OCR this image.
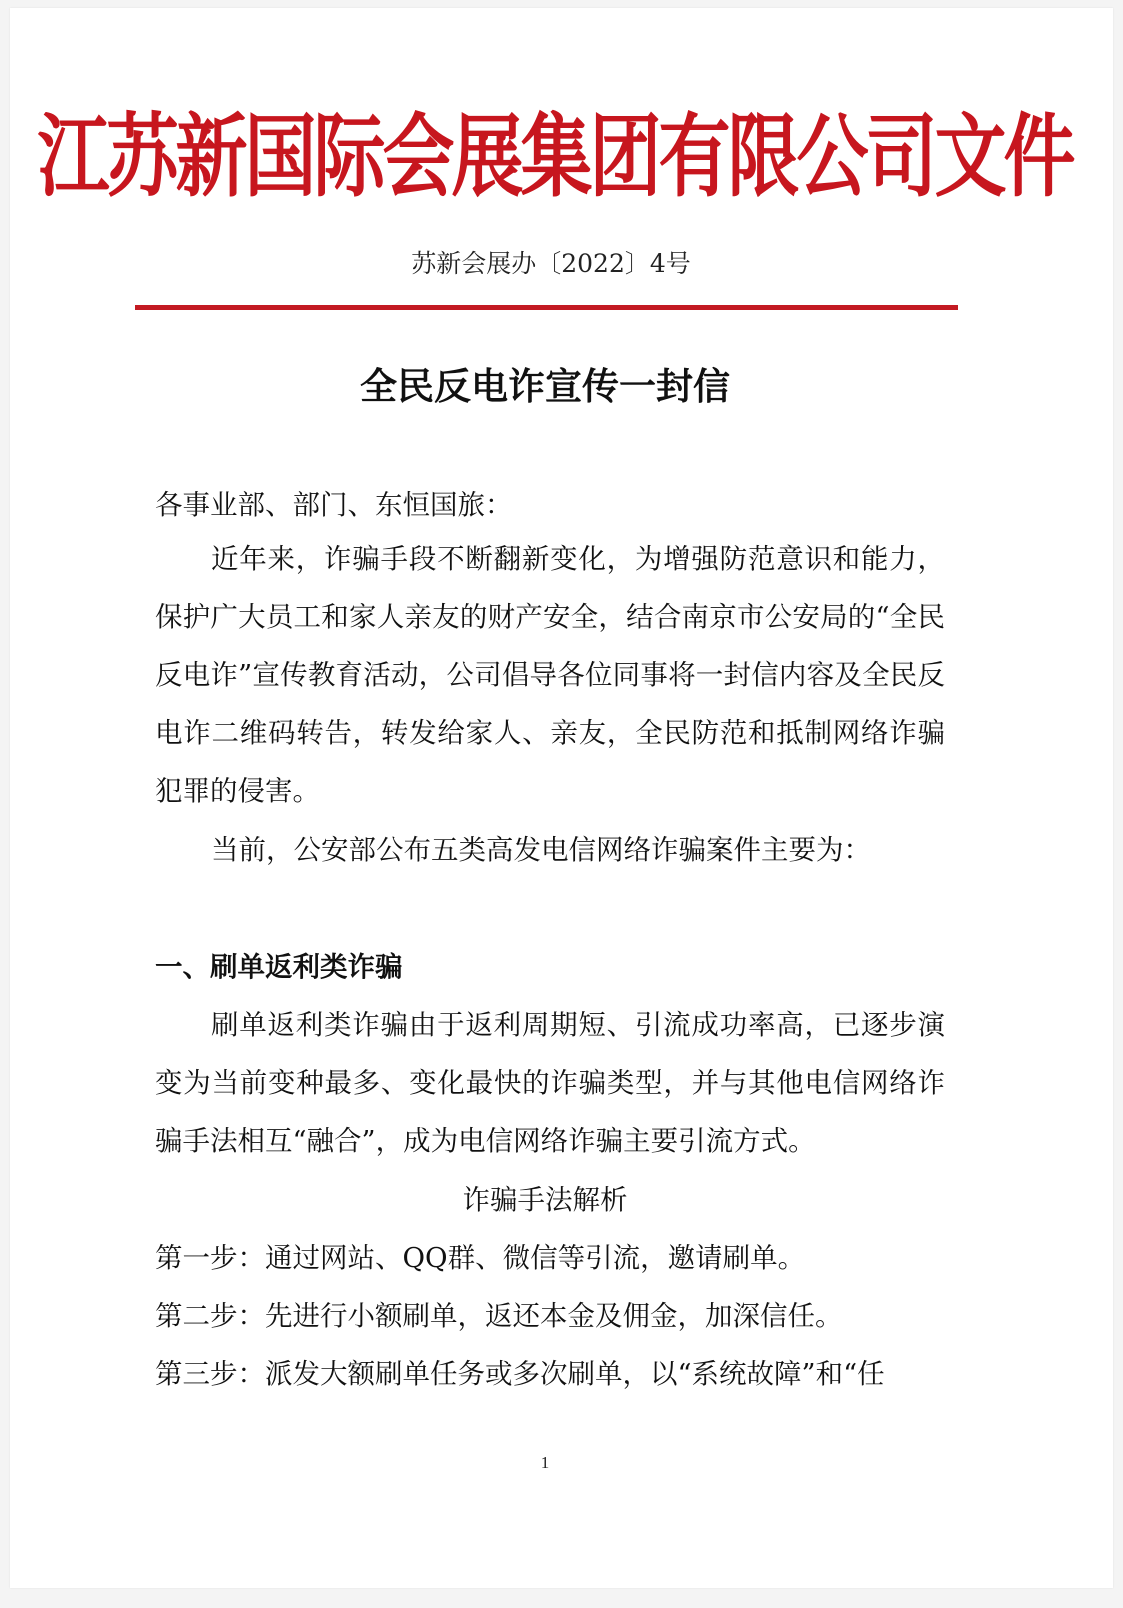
江苏新国际会展集团有限公司文件
苏新会展办〔2022〕4号
全民反电诈宣传一封信

各事业部、部门、东恒国旅：

近年来，诈骗手段不断翻新变化，为增强防范意识和能力，保护广大员工和家人亲友的财产安全，结合南京市公安局的“全民反电诈”宣传教育活动，公司倡导各位同事将一封信内容及全民反电诈二维码转告，转发给家人、亲友，全民防范和抵制网络诈骗犯罪的侵害。

当前，公安部公布五类高发电信网络诈骗案件主要为：

一、刷单返利类诈骗

刷单返利类诈骗由于返利周期短、引流成功率高，已逐步演变为当前变种最多、变化最快的诈骗类型，并与其他电信网络诈骗手法相互“融合”，成为电信网络诈骗主要引流方式。

诈骗手法解析
第一步：通过网站、QQ群、微信等引流，邀请刷单。
第二步：先进行小额刷单，返还本金及佣金，加深信任。
第三步：派发大额刷单任务或多次刷单，以“系统故障”和“任
1
